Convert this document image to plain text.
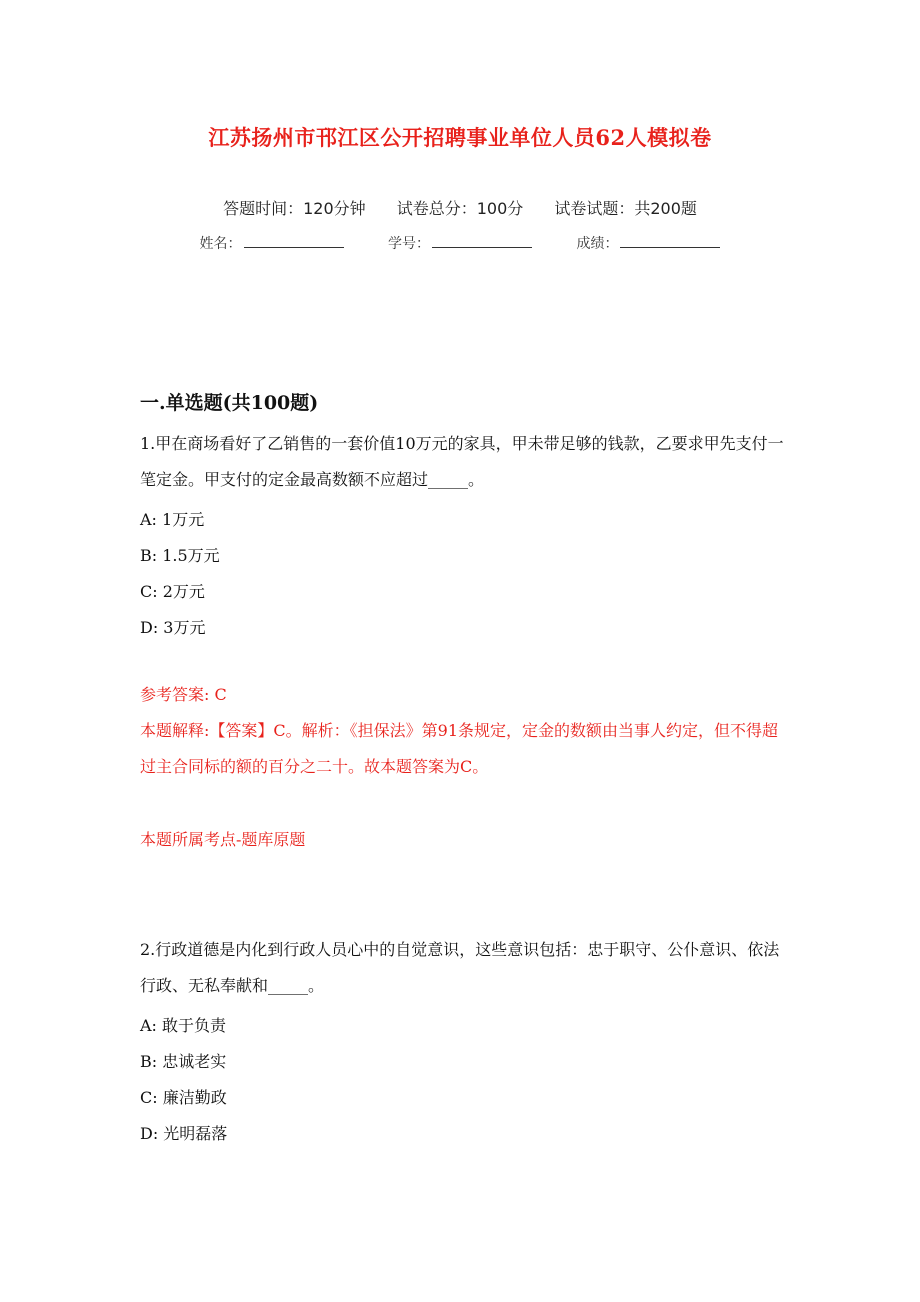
江苏扬州市邗江区公开招聘事业单位人员62人模拟卷
答题时间：120分钟 试卷总分：100分 试卷试题：共200题
姓名：	学号：	成绩：
一.单选题(共100题)
1.甲在商场看好了乙销售的一套价值10万元的家具，甲未带足够的钱款，乙要求甲先支付一笔定金。甲支付的定金最高数额不应超过_____。
A: 1万元
B: 1.5万元
C: 2万元
D: 3万元
参考答案: C
本题解释:【答案】C。解析：《担保法》第91条规定，定金的数额由当事人约定，但不得超过主合同标的额的百分之二十。故本题答案为C。
本题所属考点-题库原题
2.行政道德是内化到行政人员心中的自觉意识，这些意识包括：忠于职守、公仆意识、依法行政、无私奉献和_____。
A: 敢于负责
B: 忠诚老实
C: 廉洁勤政
D: 光明磊落
